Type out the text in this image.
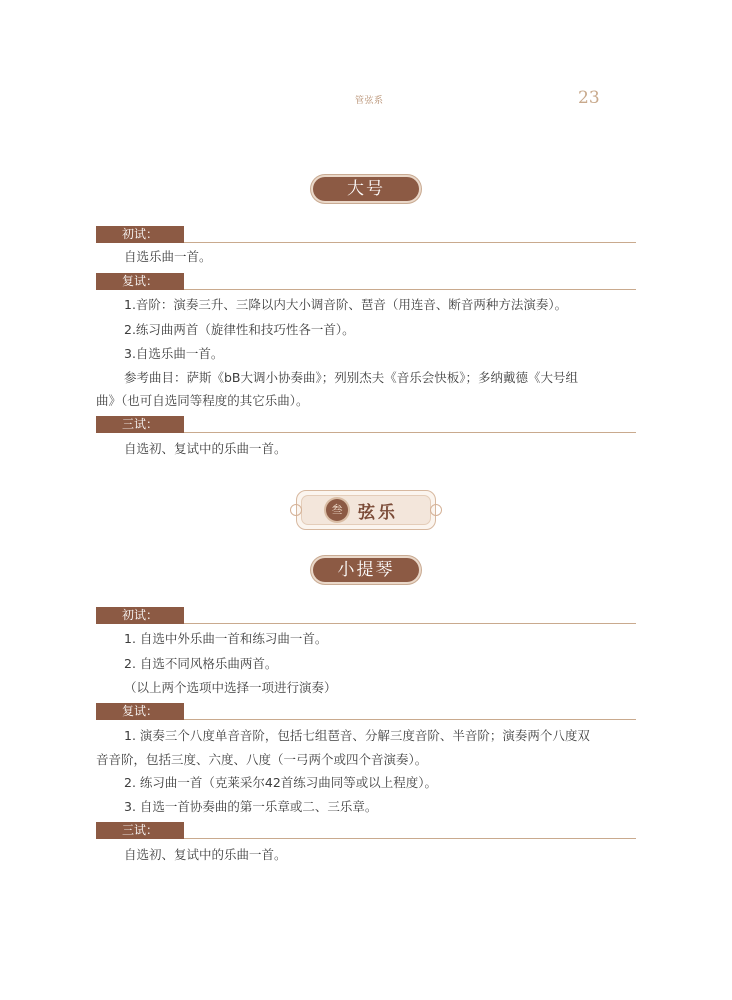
管弦系	23
大号
初试：
自选乐曲一首。
复试：
1.音阶：演奏三升、三降以内大小调音阶、琶音（用连音、断音两种方法演奏）。
2.练习曲两首（旋律性和技巧性各一首）。
3.自选乐曲一首。
参考曲目：萨斯《bB大调小协奏曲》；列别杰夫《音乐会快板》；多纳戴德《大号组
曲》（也可自选同等程度的其它乐曲）。
三试：
自选初、复试中的乐曲一首。
叁 弦乐
小提琴
初试：
1. 自选中外乐曲一首和练习曲一首。
2. 自选不同风格乐曲两首。
（以上两个选项中选择一项进行演奏）
复试：
1. 演奏三个八度单音音阶，包括七组琶音、分解三度音阶、半音阶；演奏两个八度双
音音阶，包括三度、六度、八度（一弓两个或四个音演奏）。
2. 练习曲一首（克莱采尔42首练习曲同等或以上程度）。
3. 自选一首协奏曲的第一乐章或二、三乐章。
三试：
自选初、复试中的乐曲一首。
